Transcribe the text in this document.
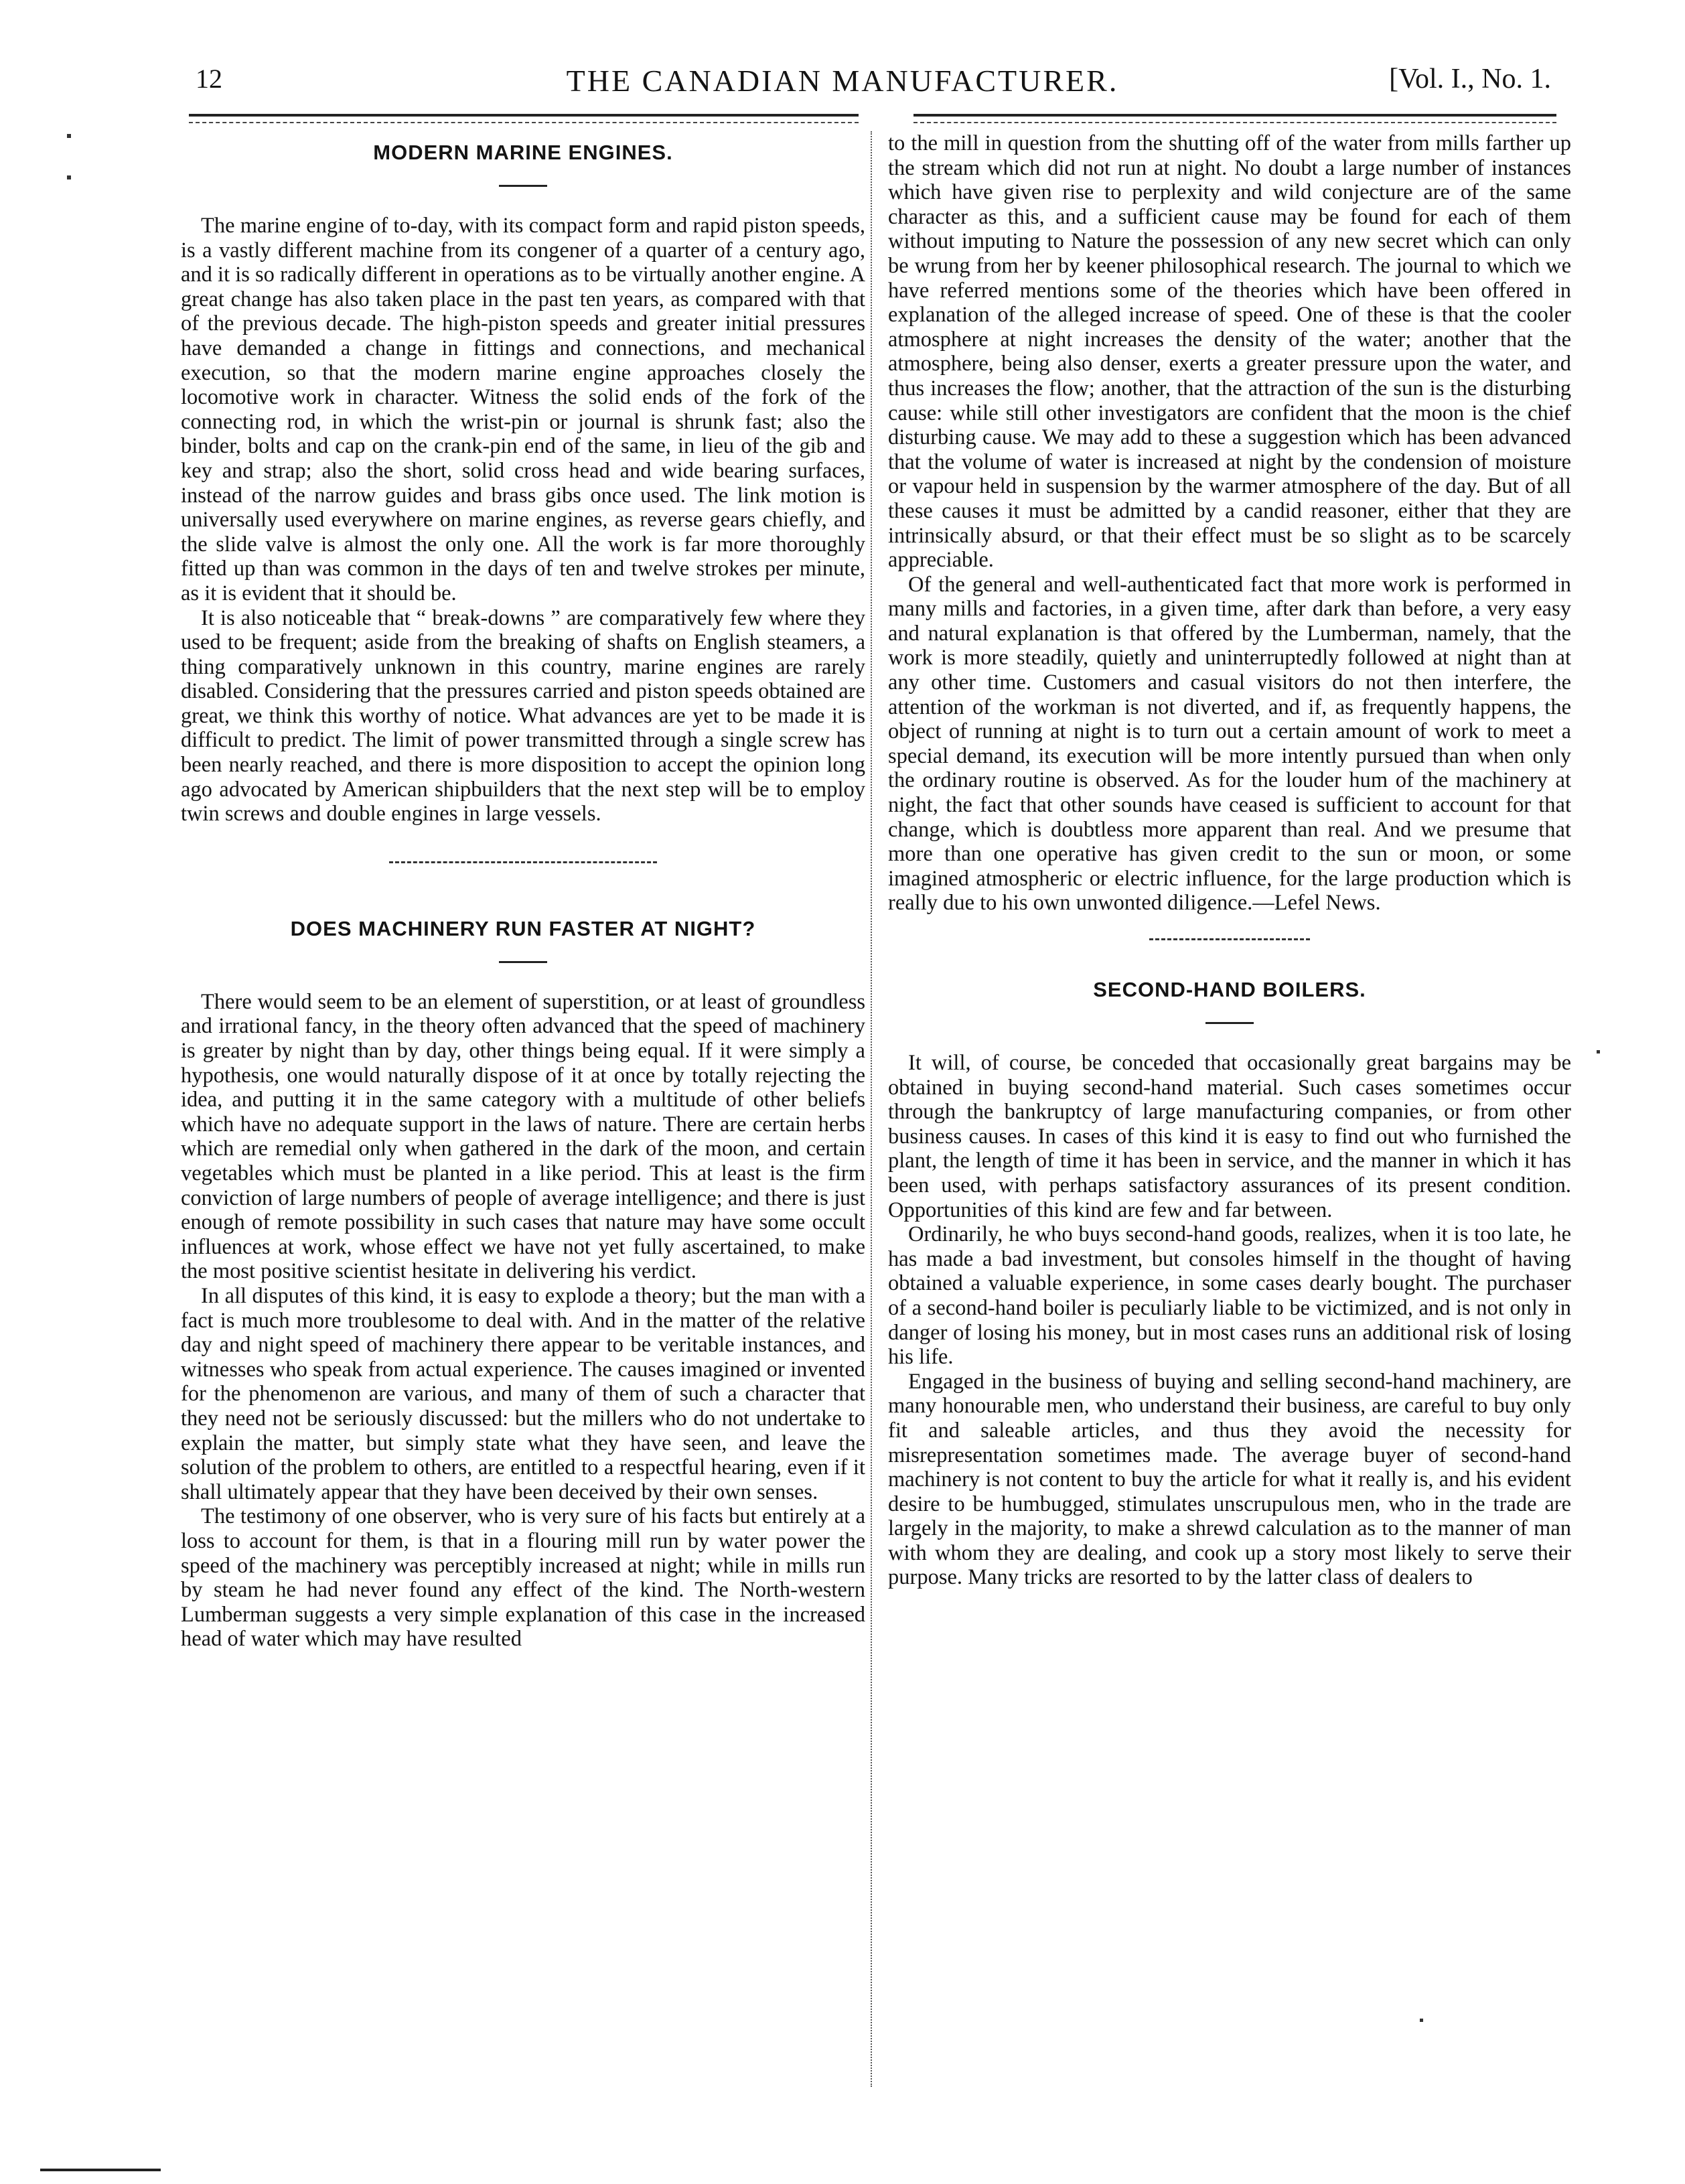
12	THE CANADIAN MANUFACTURER.	[Vol. I., No. 1.
MODERN MARINE ENGINES.

The marine engine of to-day, with its compact form and rapid piston speeds, is a vastly different machine from its congener of a quarter of a century ago, and it is so radically different in operations as to be virtually another engine. A great change has also taken place in the past ten years, as compared with that of the previous decade. The high-piston speeds and greater initial pressures have demanded a change in fittings and connections, and mechanical execution, so that the modern marine engine approaches closely the locomotive work in character. Witness the solid ends of the fork of the connecting rod, in which the wrist-pin or journal is shrunk fast; also the binder, bolts and cap on the crank-pin end of the same, in lieu of the gib and key and strap; also the short, solid cross head and wide bearing surfaces, instead of the narrow guides and brass gibs once used. The link motion is universally used everywhere on marine engines, as reverse gears chiefly, and the slide valve is almost the only one. All the work is far more thoroughly fitted up than was common in the days of ten and twelve strokes per minute, as it is evident that it should be.

It is also noticeable that “ break-downs ” are comparatively few where they used to be frequent; aside from the breaking of shafts on English steamers, a thing comparatively unknown in this country, marine engines are rarely disabled. Considering that the pressures carried and piston speeds obtained are great, we think this worthy of notice. What advances are yet to be made it is difficult to predict. The limit of power transmitted through a single screw has been nearly reached, and there is more disposition to accept the opinion long ago advocated by American shipbuilders that the next step will be to employ twin screws and double engines in large vessels.

DOES MACHINERY RUN FASTER AT NIGHT?

There would seem to be an element of superstition, or at least of groundless and irrational fancy, in the theory often advanced that the speed of machinery is greater by night than by day, other things being equal. If it were simply a hypothesis, one would naturally dispose of it at once by totally rejecting the idea, and putting it in the same category with a multitude of other beliefs which have no adequate support in the laws of nature. There are certain herbs which are remedial only when gathered in the dark of the moon, and certain vegetables which must be planted in a like period. This at least is the firm conviction of large numbers of people of average intelligence; and there is just enough of remote possibility in such cases that nature may have some occult influences at work, whose effect we have not yet fully ascertained, to make the most positive scientist hesitate in delivering his verdict.

In all disputes of this kind, it is easy to explode a theory; but the man with a fact is much more troublesome to deal with. And in the matter of the relative day and night speed of machinery there appear to be veritable instances, and witnesses who speak from actual experience. The causes imagined or invented for the phenomenon are various, and many of them of such a character that they need not be seriously discussed: but the millers who do not undertake to explain the matter, but simply state what they have seen, and leave the solution of the problem to others, are entitled to a respectful hearing, even if it shall ultimately appear that they have been deceived by their own senses.

The testimony of one observer, who is very sure of his facts but entirely at a loss to account for them, is that in a flouring mill run by water power the speed of the machinery was perceptibly increased at night; while in mills run by steam he had never found any effect of the kind. The North-western Lumberman suggests a very simple explanation of this case in the increased head of water which may have resulted

to the mill in question from the shutting off of the water from mills farther up the stream which did not run at night. No doubt a large number of instances which have given rise to perplexity and wild conjecture are of the same character as this, and a sufficient cause may be found for each of them without imputing to Nature the possession of any new secret which can only be wrung from her by keener philosophical research. The journal to which we have referred mentions some of the theories which have been offered in explanation of the alleged increase of speed. One of these is that the cooler atmosphere at night increases the density of the water; another that the atmosphere, being also denser, exerts a greater pressure upon the water, and thus increases the flow; another, that the attraction of the sun is the disturbing cause: while still other investigators are confident that the moon is the chief disturbing cause. We may add to these a suggestion which has been advanced that the volume of water is increased at night by the condension of moisture or vapour held in suspension by the warmer atmosphere of the day. But of all these causes it must be admitted by a candid reasoner, either that they are intrinsically absurd, or that their effect must be so slight as to be scarcely appreciable.

Of the general and well-authenticated fact that more work is performed in many mills and factories, in a given time, after dark than before, a very easy and natural explanation is that offered by the Lumberman, namely, that the work is more steadily, quietly and uninterruptedly followed at night than at any other time. Customers and casual visitors do not then interfere, the attention of the workman is not diverted, and if, as frequently happens, the object of running at night is to turn out a certain amount of work to meet a special demand, its execution will be more intently pursued than when only the ordinary routine is observed. As for the louder hum of the machinery at night, the fact that other sounds have ceased is sufficient to account for that change, which is doubtless more apparent than real. And we presume that more than one operative has given credit to the sun or moon, or some imagined atmospheric or electric influence, for the large production which is really due to his own unwonted diligence.—Lefel News.

SECOND-HAND BOILERS.

It will, of course, be conceded that occasionally great bargains may be obtained in buying second-hand material. Such cases sometimes occur through the bankruptcy of large manufacturing companies, or from other business causes. In cases of this kind it is easy to find out who furnished the plant, the length of time it has been in service, and the manner in which it has been used, with perhaps satisfactory assurances of its present condition. Opportunities of this kind are few and far between.

Ordinarily, he who buys second-hand goods, realizes, when it is too late, he has made a bad investment, but consoles himself in the thought of having obtained a valuable experience, in some cases dearly bought. The purchaser of a second-hand boiler is peculiarly liable to be victimized, and is not only in danger of losing his money, but in most cases runs an additional risk of losing his life.

Engaged in the business of buying and selling second-hand machinery, are many honourable men, who understand their business, are careful to buy only fit and saleable articles, and thus they avoid the necessity for misrepresentation sometimes made. The average buyer of second-hand machinery is not content to buy the article for what it really is, and his evident desire to be humbugged, stimulates unscrupulous men, who in the trade are largely in the majority, to make a shrewd calculation as to the manner of man with whom they are dealing, and cook up a story most likely to serve their purpose. Many tricks are resorted to by the latter class of dealers to
